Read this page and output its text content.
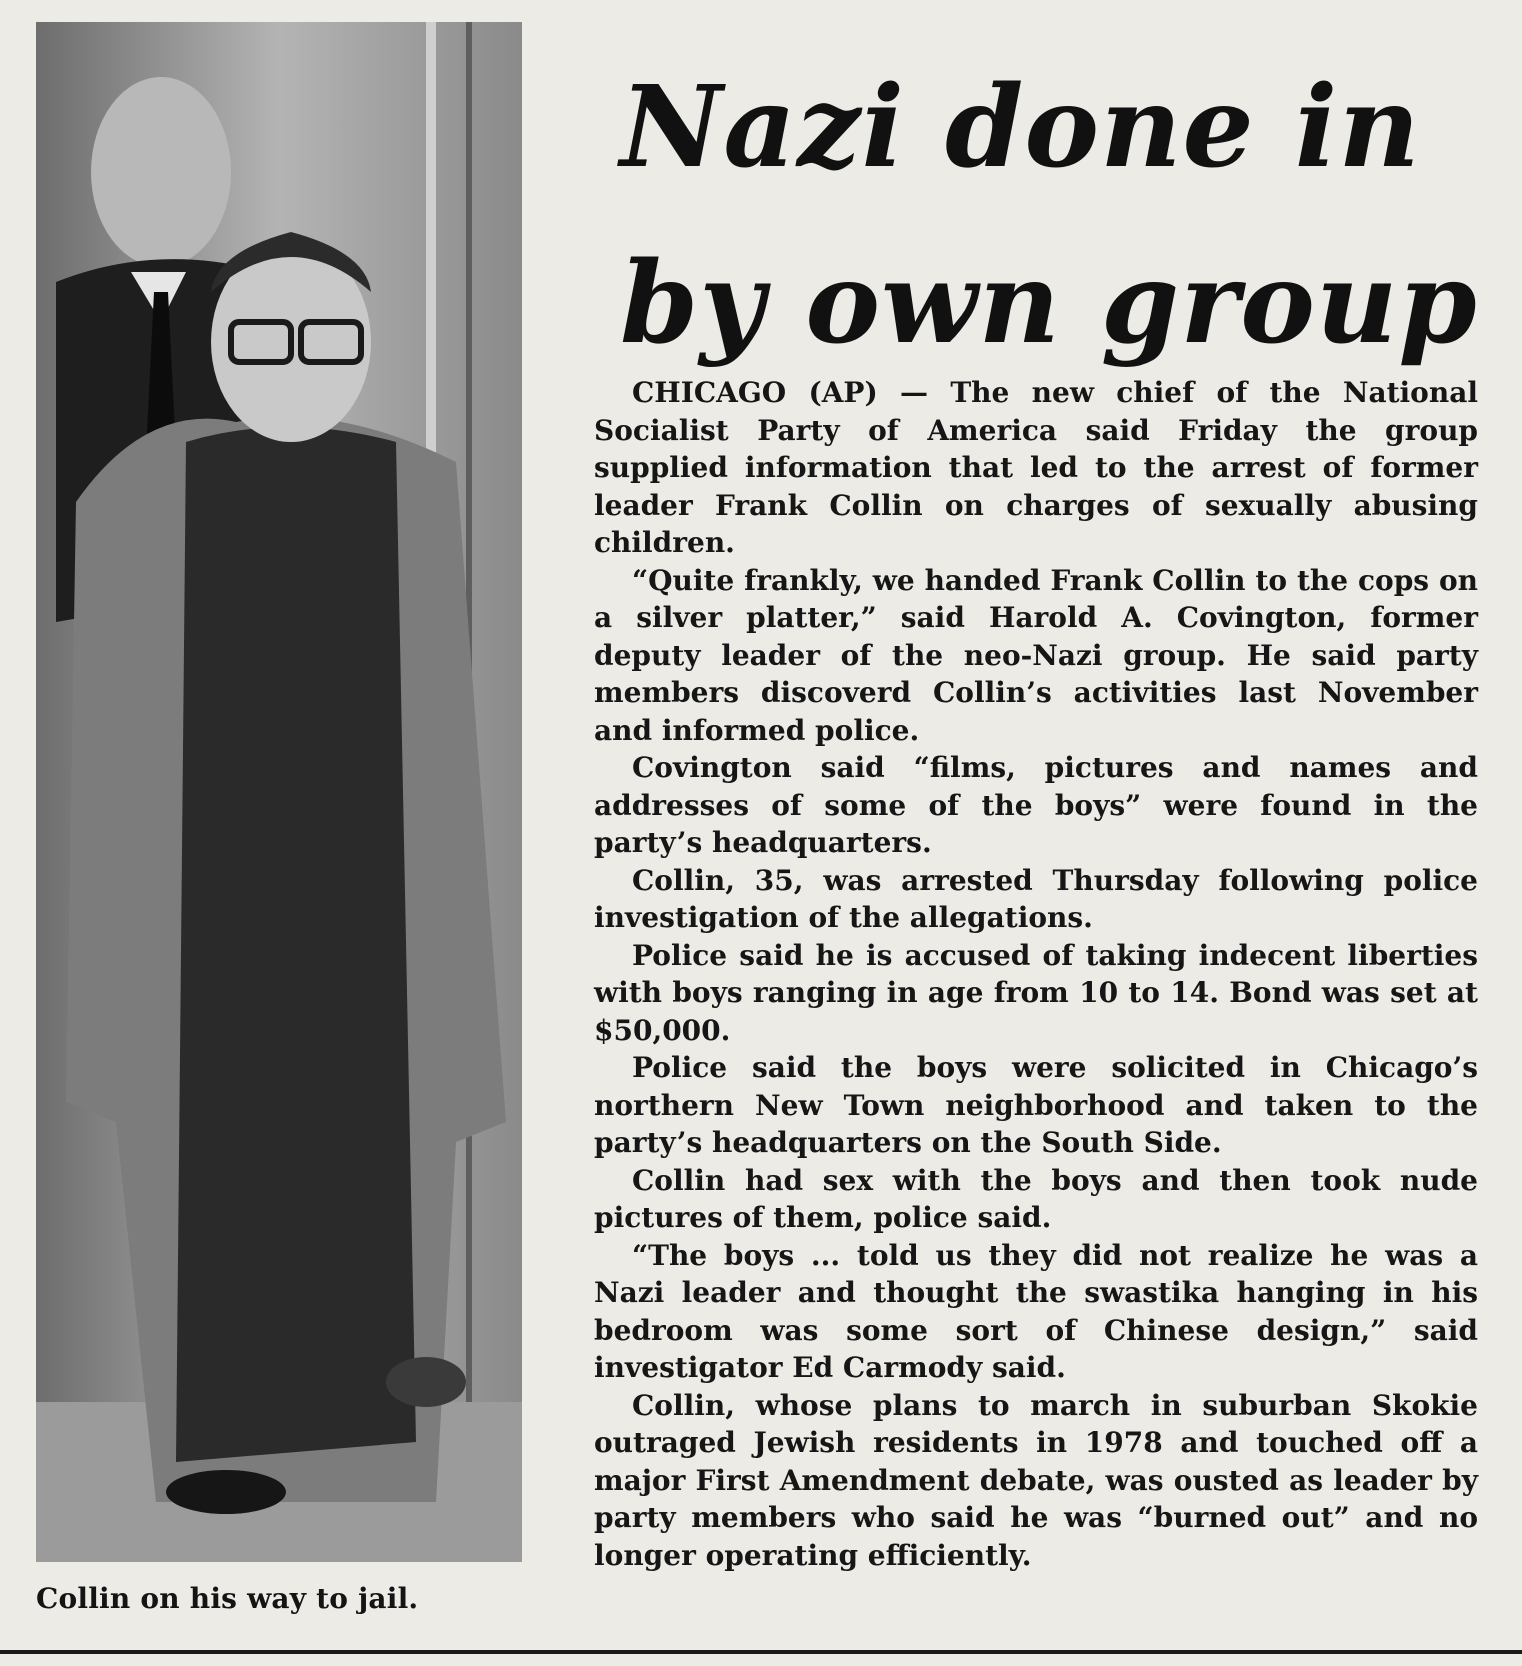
Collin on his way to jail.
Nazi done in
by own group

CHICAGO (AP) — The new chief of the National Socialist Party of America said Friday the group supplied information that led to the arrest of former leader Frank Collin on charges of sexually abusing children.

“Quite frankly, we handed Frank Collin to the cops on a silver platter,” said Harold A. Covington, former deputy leader of the neo-Nazi group. He said party members discoverd Collin’s activities last November and informed police.

Covington said “films, pictures and names and addresses of some of the boys” were found in the party’s headquarters.

Collin, 35, was arrested Thursday following police investigation of the allegations.

Police said he is accused of taking indecent liberties with boys ranging in age from 10 to 14. Bond was set at $50,000.

Police said the boys were solicited in Chicago’s northern New Town neighborhood and taken to the party’s headquarters on the South Side.

Collin had sex with the boys and then took nude pictures of them, police said.

“The boys ... told us they did not realize he was a Nazi leader and thought the swastika hanging in his bedroom was some sort of Chinese design,” said investigator Ed Carmody said.

Collin, whose plans to march in suburban Skokie outraged Jewish residents in 1978 and touched off a major First Amendment debate, was ousted as leader by party members who said he was “burned out” and no longer operating efficiently.
